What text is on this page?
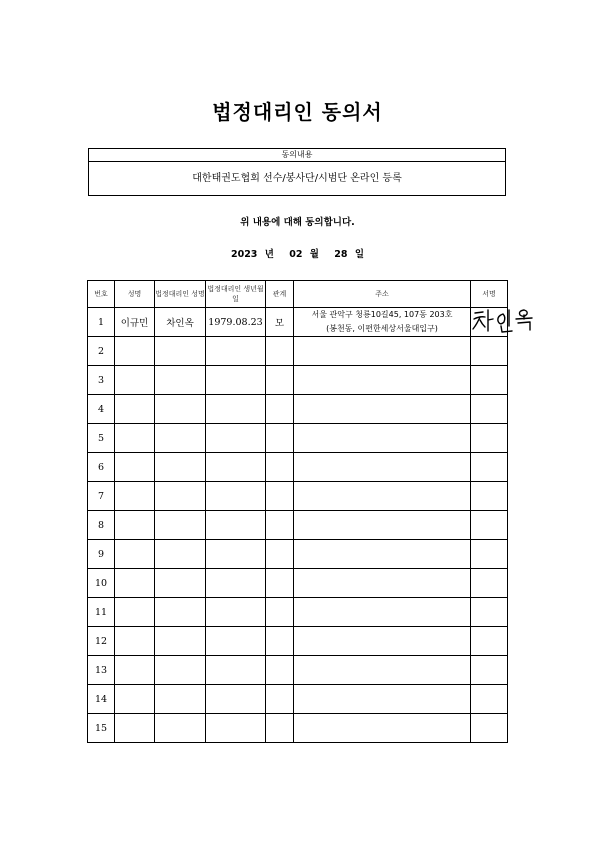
법정대리인 동의서
동의내용
대한태권도협회 선수/봉사단/시범단 온라인 등록
위 내용에 대해 동의합니다.
2023 년 02 월 28 일
번호	성명	법정대리인 성명	법정대리인 생년월일	관계	주소	서명
1	이규민	차인옥	1979.08.23	모	서울 관악구 청룡10길45, 107동 203호
(봉천동, 이편한세상서울대입구)

2						
3						
4						
5						
6						
7						
8						
9						
10						
11						
12						
13						
14						
15						
